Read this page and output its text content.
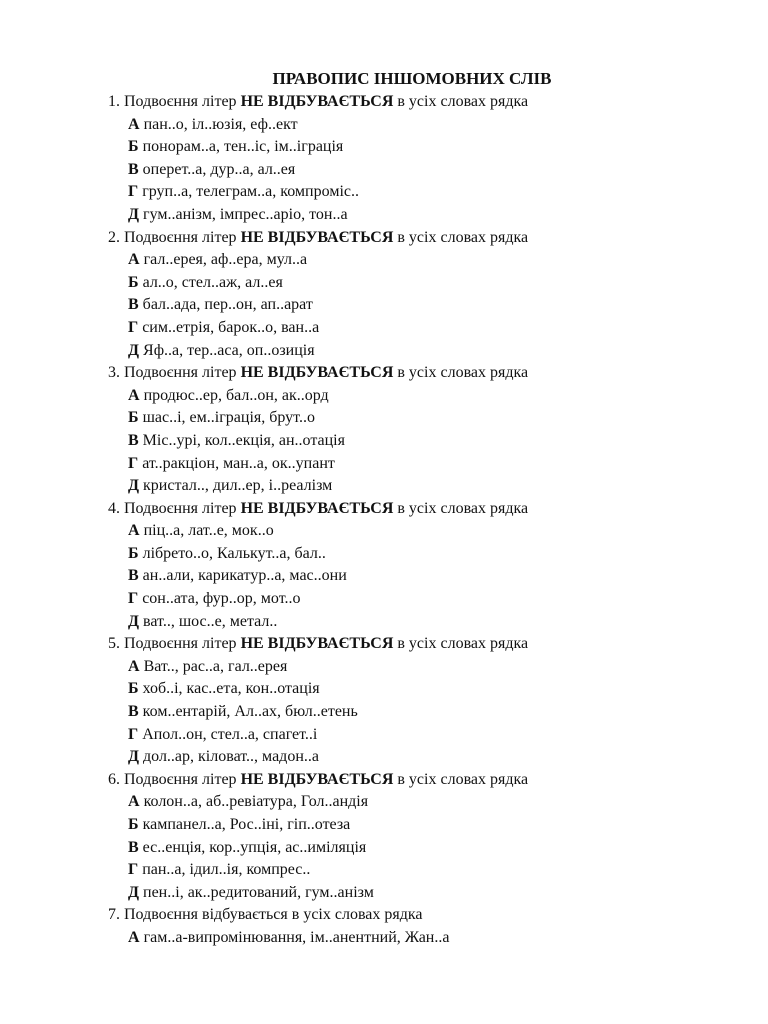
ПРАВОПИС ІНШОМОВНИХ СЛІВ
1. Подвоєння літер НЕ ВІДБУВАЄТЬСЯ в усіх словах рядка
А пан..о, іл..юзія, еф..ект
Б понорам..а, тен..іс, ім..іграція
В оперет..а, дур..а, ал..ея
Г груп..а, телеграм..а, компроміс..
Д гум..анізм, імпрес..аріо, тон..а
2. Подвоєння літер НЕ ВІДБУВАЄТЬСЯ в усіх словах рядка
А гал..ерея, аф..ера, мул..а
Б ал..о, стел..аж, ал..ея
В бал..ада, пер..он, ап..арат
Г сим..етрія, барок..о, ван..а
Д Яф..а, тер..аса, оп..озиція
3. Подвоєння літер НЕ ВІДБУВАЄТЬСЯ в усіх словах рядка
А продюс..ер, бал..он, ак..орд
Б шас..і, ем..іграція, брут..о
В Міс..урі, кол..екція, ан..отація
Г ат..ракціон, ман..а, ок..упант
Д кристал.., дил..ер, і..реалізм
4. Подвоєння літер НЕ ВІДБУВАЄТЬСЯ в усіх словах рядка
А піц..а, лат..е, мок..о
Б лібрето..о, Калькут..а, бал..
В ан..али, карикатур..а, мас..они
Г сон..ата, фур..ор, мот..о
Д ват.., шос..е, метал..
5. Подвоєння літер НЕ ВІДБУВАЄТЬСЯ в усіх словах рядка
А Ват.., рас..а, гал..ерея
Б хоб..і, кас..ета, кон..отація
В ком..ентарій, Ал..ах, бюл..етень
Г Апол..он, стел..а, спагет..і
Д дол..ар, кіловат.., мадон..а
6. Подвоєння літер НЕ ВІДБУВАЄТЬСЯ в усіх словах рядка
А колон..а, аб..ревіатура, Гол..андія
Б кампанел..а, Рос..іні, гіп..отеза
В ес..енція, кор..упція, ас..иміляція
Г пан..а, ідил..ія, компрес..
Д пен..і, ак..редитований, гум..анізм
7. Подвоєння відбувається в усіх словах рядка
А гам..а-випромінювання, ім..анентний, Жан..а
